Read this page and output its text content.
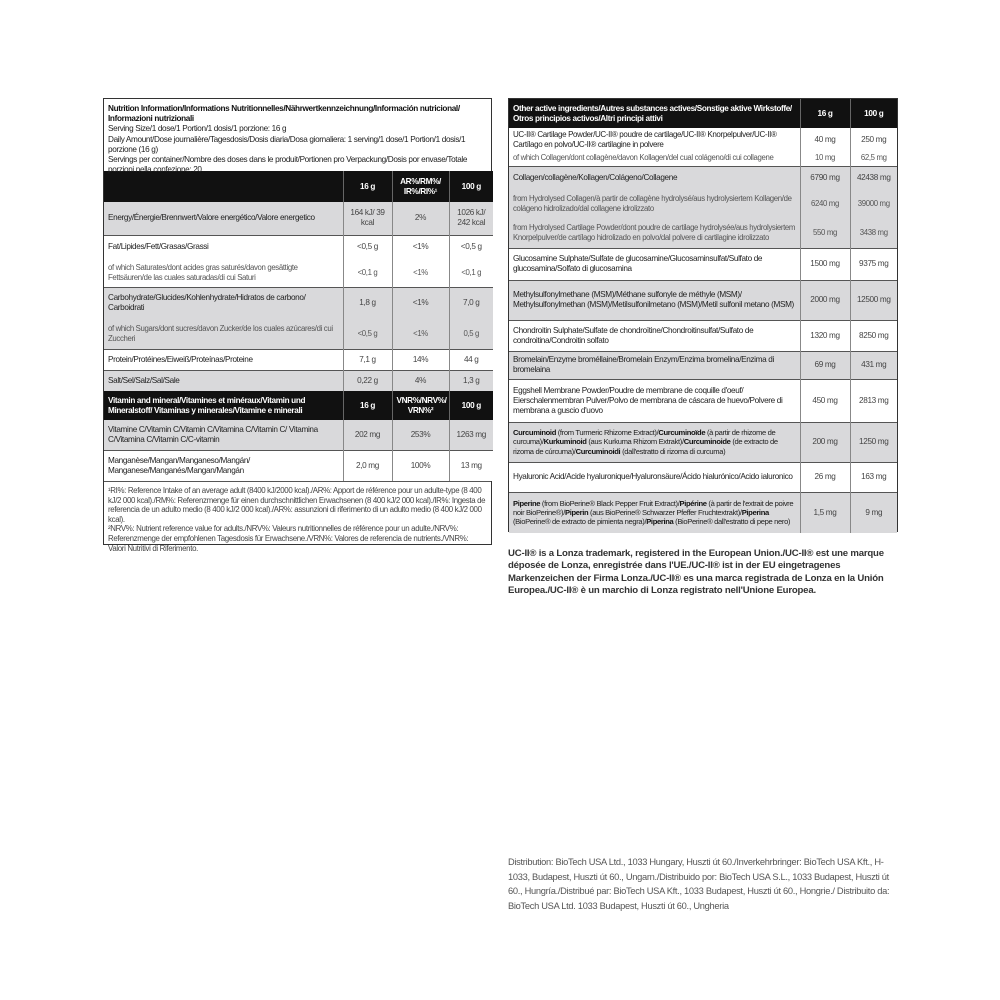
Nutrition Information/Informations Nutritionnelles/Nährwertkennzeichnung/Información nutricional/ Informazioni nutrizionali
Serving Size/1 dose/1 Portion/1 dosis/1 porzione: 16 g
Daily Amount/Dose journalière/Tagesdosis/Dosis diaria/Dosa giornaliera: 1 serving/1 dose/1 Portion/1 dosis/1 porzione (16 g)
Servings per container/Nombre des doses dans le produit/Portionen pro Verpackung/Dosis por envase/Totale porzioni nella confezione: 20
	16 g	AR%/RM%/ IR%/RI%¹	100 g
Energy/Énergie/Brennwert/Valore energético/Valore energetico	164 kJ/ 39 kcal	2%	1026 kJ/ 242 kcal
Fat/Lipides/Fett/Grasas/Grassi	<0,5 g	<1%	<0,5 g
of which Saturates/dont acides gras saturés/davon gesättigte Fettsäuren/de las cuales saturadas/di cui Saturi	<0,1 g	<1%	<0,1 g
Carbohydrate/Glucides/Kohlenhydrate/Hidratos de carbono/ Carboidrati	1,8 g	<1%	7,0 g
of which Sugars/dont sucres/davon Zucker/de los cuales azúcares/di cui Zuccheri	<0,5 g	<1%	0,5 g
Protein/Protéines/Eiweiß/Proteínas/Proteine	7,1 g	14%	44 g
Salt/Sel/Salz/Sal/Sale	0,22 g	4%	1,3 g
Vitamin and mineral/Vitamines et minéraux/Vitamin und Mineralstoff/ Vitaminas y minerales/Vitamine e minerali	16 g	VNR%/NRV%/ VRN%²	100 g
Vitamine C/Vitamin C/Vitamin C/Vitamina C/Vitamin C/ Vitamina C/Vitamina C/Vitamin C/C-vitamin	202 mg	253%	1263 mg
Manganèse/Mangan/Manganeso/Mangán/ Manganese/Manganés/Mangan/Mangán	2,0 mg	100%	13 mg
¹RI%: Reference Intake of an average adult (8400 kJ/2000 kcal)./AR%: Apport de référence pour un adulte-type (8 400 kJ/2 000 kcal)./RM%: Referenzmenge für einen durchschnittlichen Erwachsenen (8 400 kJ/2 000 kcal)./IR%: Ingesta de referencia de un adulto medio (8 400 kJ/2 000 kcal)./AR%: assunzioni di riferimento di un adulto medio (8 400 kJ/2 000 kcal).
²NRV%: Nutrient reference value for adults./NRV%: Valeurs nutritionnelles de référence pour un adulte./NRV%: Referenzmenge der empfohlenen Tagesdosis für Erwachsene./VRN%: Valores de referencia de nutrients./VNR%: Valori Nutritivi di Riferimento.
Other active ingredients/Autres substances actives/Sonstige aktive Wirkstoffe/ Otros principios activos/Altri principi attivi	16 g	100 g
UC-II® Cartilage Powder/UC-II® poudre de cartilage/UC-II® Knorpelpulver/UC-II® Cartílago en polvo/UC-II® cartilagine in polvere	40 mg	250 mg
of which Collagen/dont collagène/davon Kollagen/del cual colágeno/di cui collagene	10 mg	62,5 mg
Collagen/collagène/Kollagen/Colágeno/Collagene	6790 mg	42438 mg
from Hydrolysed Collagen/à partir de collagène hydrolysé/aus hydrolysiertem Kollagen/de colágeno hidrolizado/dal collagene idrolizzato	6240 mg	39000 mg
from Hydrolysed Cartilage Powder/dont poudre de cartilage hydrolysée/aus hydrolysiertem Knorpelpulver/de cartílago hidrolizado en polvo/dal polvere di cartilagine idrolizzato	550 mg	3438 mg
Glucosamine Sulphate/Sulfate de glucosamine/Glucosaminsulfat/Sulfato de glucosamina/Solfato di glucosamina	1500 mg	9375 mg
Methylsulfonylmethane (MSM)/Méthane sulfonyle de méthyle (MSM)/ Methylsulfonylmethan (MSM)/Metilsulfonilmetano (MSM)/Metil sulfonil metano (MSM)	2000 mg	12500 mg
Chondroitin Sulphate/Sulfate de chondroïtine/Chondroitinsulfat/Sulfato de condroitina/Condroitin solfato	1320 mg	8250 mg
Bromelain/Enzyme broméllaine/Bromelain Enzym/Enzima bromelina/Enzima di bromelaina	69 mg	431 mg
Eggshell Membrane Powder/Poudre de membrane de coquille d'oeuf/ Eierschalenmembran Pulver/Polvo de membrana de cáscara de huevo/Polvere di membrana a guscio d'uovo	450 mg	2813 mg
Curcuminoid (from Turmeric Rhizome Extract)/Curcuminoïde (à partir de rhizome de curcuma)/Kurkuminoid (aus Kurkuma Rhizom Extrakt)/Curcuminoide (de extracto de rizoma de cúrcuma)/Curcuminoidi (dall'estratto di rizoma di curcuma)	200 mg	1250 mg
Hyaluronic Acid/Acide hyaluronique/Hyaluronsäure/Ácido hialurónico/Acido ialuronico	26 mg	163 mg
Piperine (from BioPerine® Black Pepper Fruit Extract)/Pipérine (à partir de l'extrait de poivre noir BioPerine®)/Piperin (aus BioPerine® Schwarzer Pfeffer Fruchtextrakt)/Piperina (BioPerine® de extracto de pimienta negra)/Piperina (BioPerine® dall'estratto di pepe nero)	1,5 mg	9 mg
UC-II® is a Lonza trademark, registered in the European Union./UC-II® est une marque déposée de Lonza, enregistrée dans l'UE./UC-II® ist in der EU eingetragenes Markenzeichen der Firma Lonza./UC-II® es una marca registrada de Lonza en la Unión Europea./UC-II® è un marchio di Lonza registrato nell'Unione Europea.
Distribution: BioTech USA Ltd., 1033 Hungary, Huszti út 60./Inverkehrbringer: BioTech USA Kft., H-1033, Budapest, Huszti út 60., Ungarn./Distribuido por: BioTech USA S.L., 1033 Budapest, Huszti út 60., Hungría./Distribué par: BioTech USA Kft., 1033 Budapest, Huszti út 60., Hongrie./ Distribuito da: BioTech USA Ltd. 1033 Budapest, Huszti út 60., Ungheria
